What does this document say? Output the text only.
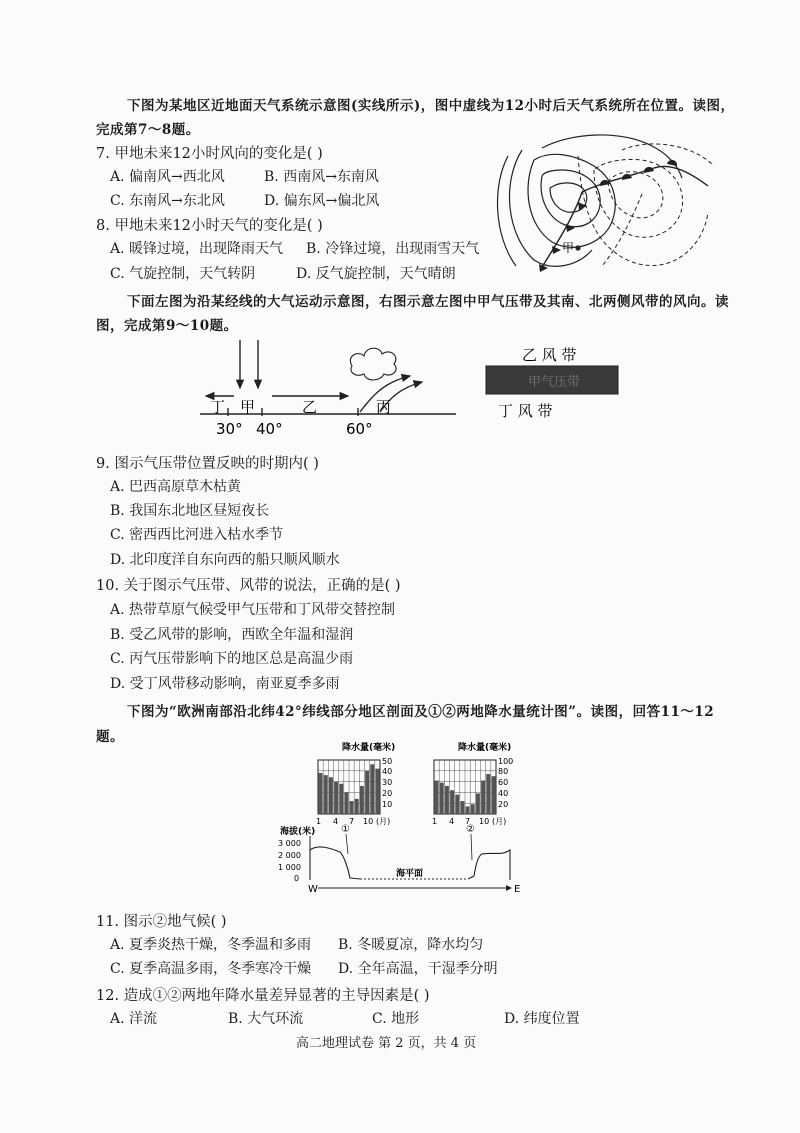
下图为某地区近地面天气系统示意图(实线所示)，图中虚线为12小时后天气系统所在位置。读图，
完成第7～8题。
7. 甲地未来12小时风向的变化是( )
A. 偏南风→西北风	B. 西南风→东南风
C. 东南风→东北风	D. 偏东风→偏北风
8. 甲地未来12小时天气的变化是( )
A. 暖锋过境，出现降雨天气 B. 冷锋过境，出现雨雪天气
C. 气旋控制，天气转阴	D. 反气旋控制，天气晴朗
甲
下面左图为沿某经线的大气运动示意图，右图示意左图中甲气压带及其南、北两侧风带的风向。读
图，完成第9～10题。
丁 甲	乙	丙
30° 40°	60°
乙 风 带
甲气压带
丁 风 带
9. 图示气压带位置反映的时期内( )
A. 巴西高原草木枯黄
B. 我国东北地区昼短夜长
C. 密西西比河进入枯水季节
D. 北印度洋自东向西的船只顺风顺水
10. 关于图示气压带、风带的说法，正确的是( )
A. 热带草原气候受甲气压带和丁风带交替控制
B. 受乙风带的影响，西欧全年温和湿润
C. 丙气压带影响下的地区总是高温少雨
D. 受丁风带移动影响，南亚夏季多雨
下图为“欧洲南部沿北纬42°纬线部分地区剖面及①②两地降水量统计图”。读图，回答11～12
题。
降水量(毫米)
50
40
30
20
10
1 4 7 10 (月)
降水量(毫米)
100
80
60
40
20
1 4 7 10 (月)
海拔(米)	①	②
3 000
2 000
1 000
0	海平面
W	E
11. 图示②地气候( )
A. 夏季炎热干燥，冬季温和多雨 B. 冬暖夏凉，降水均匀
C. 夏季高温多雨，冬季寒冷干燥 D. 全年高温，干湿季分明
12. 造成①②两地年降水量差异显著的主导因素是( )
A. 洋流	B. 大气环流	C. 地形	D. 纬度位置
高二地理试卷 第 2 页，共 4 页
